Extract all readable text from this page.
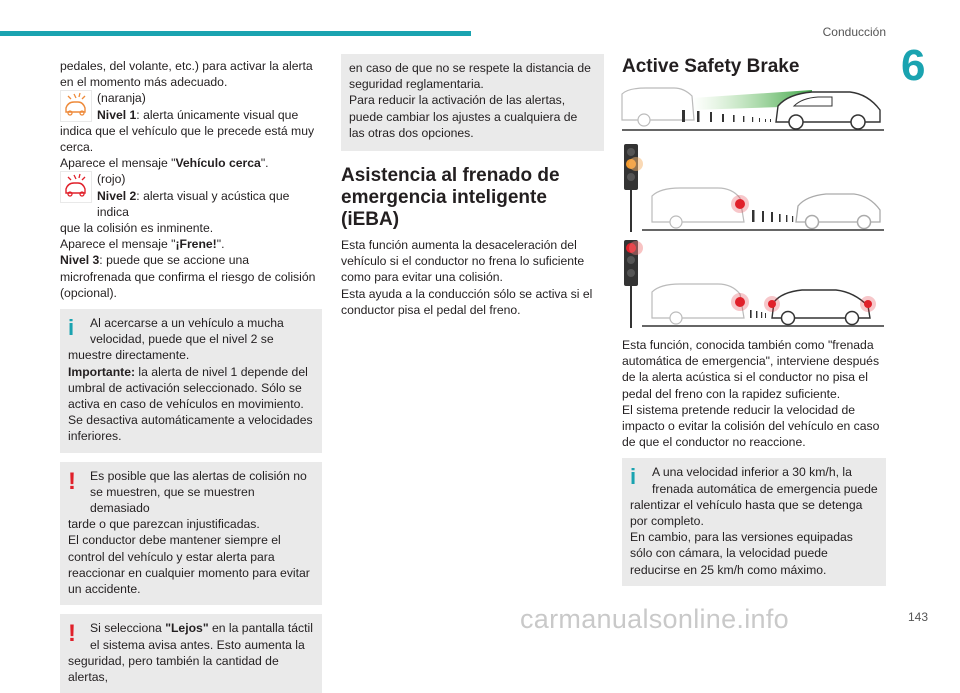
Conducción
6

pedales, del volante, etc.) para activar la alerta en el momento más adecuado.

(naranja)

Nivel 1: alerta únicamente visual que

indica que el vehículo que le precede está muy cerca.

Aparece el mensaje "Vehículo cerca".

(rojo)

Nivel 2: alerta visual y acústica que indica

que la colisión es inminente.

Aparece el mensaje "¡Frene!".

Nivel 3: puede que se accione una microfrenada que confirma el riesgo de colisión (opcional).

i	Al acercarse a un vehículo a mucha velocidad, puede que el nivel 2 se

muestre directamente.

Importante: la alerta de nivel 1 depende del umbral de activación seleccionado. Sólo se activa en caso de vehículos en movimiento.

Se desactiva automáticamente a velocidades inferiores.

!	Es posible que las alertas de colisión no se muestren, que se muestren demasiado

tarde o que parezcan injustificadas.

El conductor debe mantener siempre el control del vehículo y estar alerta para reaccionar en cualquier momento para evitar un accidente.

!	Si selecciona "Lejos" en la pantalla táctil el sistema avisa antes. Esto aumenta la

seguridad, pero también la cantidad de alertas,

en caso de que no se respete la distancia de seguridad reglamentaria.

Para reducir la activación de las alertas, puede cambiar los ajustes a cualquiera de las otras dos opciones.

Asistencia al frenado de emergencia inteligente (iEBA)

Esta función aumenta la desaceleración del vehículo si el conductor no frena lo suficiente como para evitar una colisión.

Esta ayuda a la conducción sólo se activa si el conductor pisa el pedal del freno.

Active Safety Brake

Esta función, conocida también como "frenada automática de emergencia", interviene después de la alerta acústica si el conductor no pisa el pedal del freno con la rapidez suficiente.

El sistema pretende reducir la velocidad de impacto o evitar la colisión del vehículo en caso de que el conductor no reaccione.

i	A una velocidad inferior a 30 km/h, la frenada automática de emergencia puede

ralentizar el vehículo hasta que se detenga por completo.

En cambio, para las versiones equipadas sólo con cámara, la velocidad puede reducirse en 25 km/h como máximo.

carmanualsonline.info	143
